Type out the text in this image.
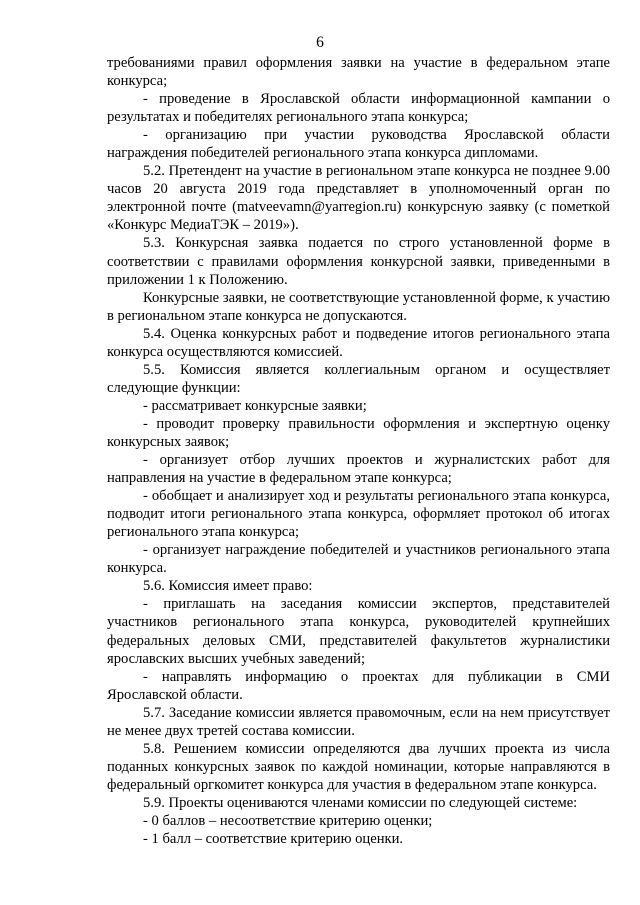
6

требованиями правил оформления заявки на участие в федеральном этапе конкурса;

- проведение в Ярославской области информационной кампании о результатах и победителях регионального этапа конкурса;

- организацию при участии руководства Ярославской области награждения победителей регионального этапа конкурса дипломами.

5.2. Претендент на участие в региональном этапе конкурса не позднее 9.00 часов 20 августа 2019 года представляет в уполномоченный орган по электронной почте (matveevamn@yarregion.ru) конкурсную заявку (с пометкой «Конкурс МедиаТЭК – 2019»).

5.3. Конкурсная заявка подается по строго установленной форме в соответствии с правилами оформления конкурсной заявки, приведенными в приложении 1 к Положению.

Конкурсные заявки, не соответствующие установленной форме, к участию в региональном этапе конкурса не допускаются.

5.4. Оценка конкурсных работ и подведение итогов регионального этапа конкурса осуществляются комиссией.

5.5. Комиссия является коллегиальным органом и осуществляет следующие функции:

- рассматривает конкурсные заявки;

- проводит проверку правильности оформления и экспертную оценку конкурсных заявок;

- организует отбор лучших проектов и журналистских работ для направления на участие в федеральном этапе конкурса;

- обобщает и анализирует ход и результаты регионального этапа конкурса, подводит итоги регионального этапа конкурса, оформляет протокол об итогах регионального этапа конкурса;

- организует награждение победителей и участников регионального этапа конкурса.

5.6. Комиссия имеет право:

- приглашать на заседания комиссии экспертов, представителей участников регионального этапа конкурса, руководителей крупнейших федеральных деловых СМИ, представителей факультетов журналистики ярославских высших учебных заведений;

- направлять информацию о проектах для публикации в СМИ Ярославской области.

5.7. Заседание комиссии является правомочным, если на нем присутствует не менее двух третей состава комиссии.

5.8. Решением комиссии определяются два лучших проекта из числа поданных конкурсных заявок по каждой номинации, которые направляются в федеральный оргкомитет конкурса для участия в федеральном этапе конкурса.

5.9. Проекты оцениваются членами комиссии по следующей системе:

- 0 баллов – несоответствие критерию оценки;

- 1 балл – соответствие критерию оценки.
